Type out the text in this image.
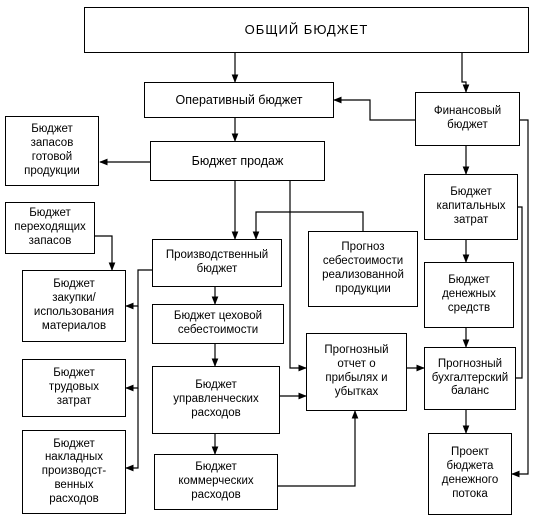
ОБЩИЙ БЮДЖЕТ
Оперативный бюджет
Финансовый
бюджет
Бюджет
запасов
готовой
продукции
Бюджет продаж
Бюджет
переходящих
запасов
Производственный
бюджет
Прогноз
себестоимости
реализованной
продукции
Бюджет
капитальных
затрат
Бюджет
закупки/
использования
материалов
Бюджет цеховой
себестоимости
Бюджет
денежных
средств
Бюджет
трудовых
затрат
Бюджет
управленческих
расходов
Прогнозный
отчет о
прибылях и
убытках
Прогнозный
бухгалтерский
баланс
Бюджет
накладных
производст-
венных
расходов
Бюджет
коммерческих
расходов
Проект
бюджета
денежного
потока
